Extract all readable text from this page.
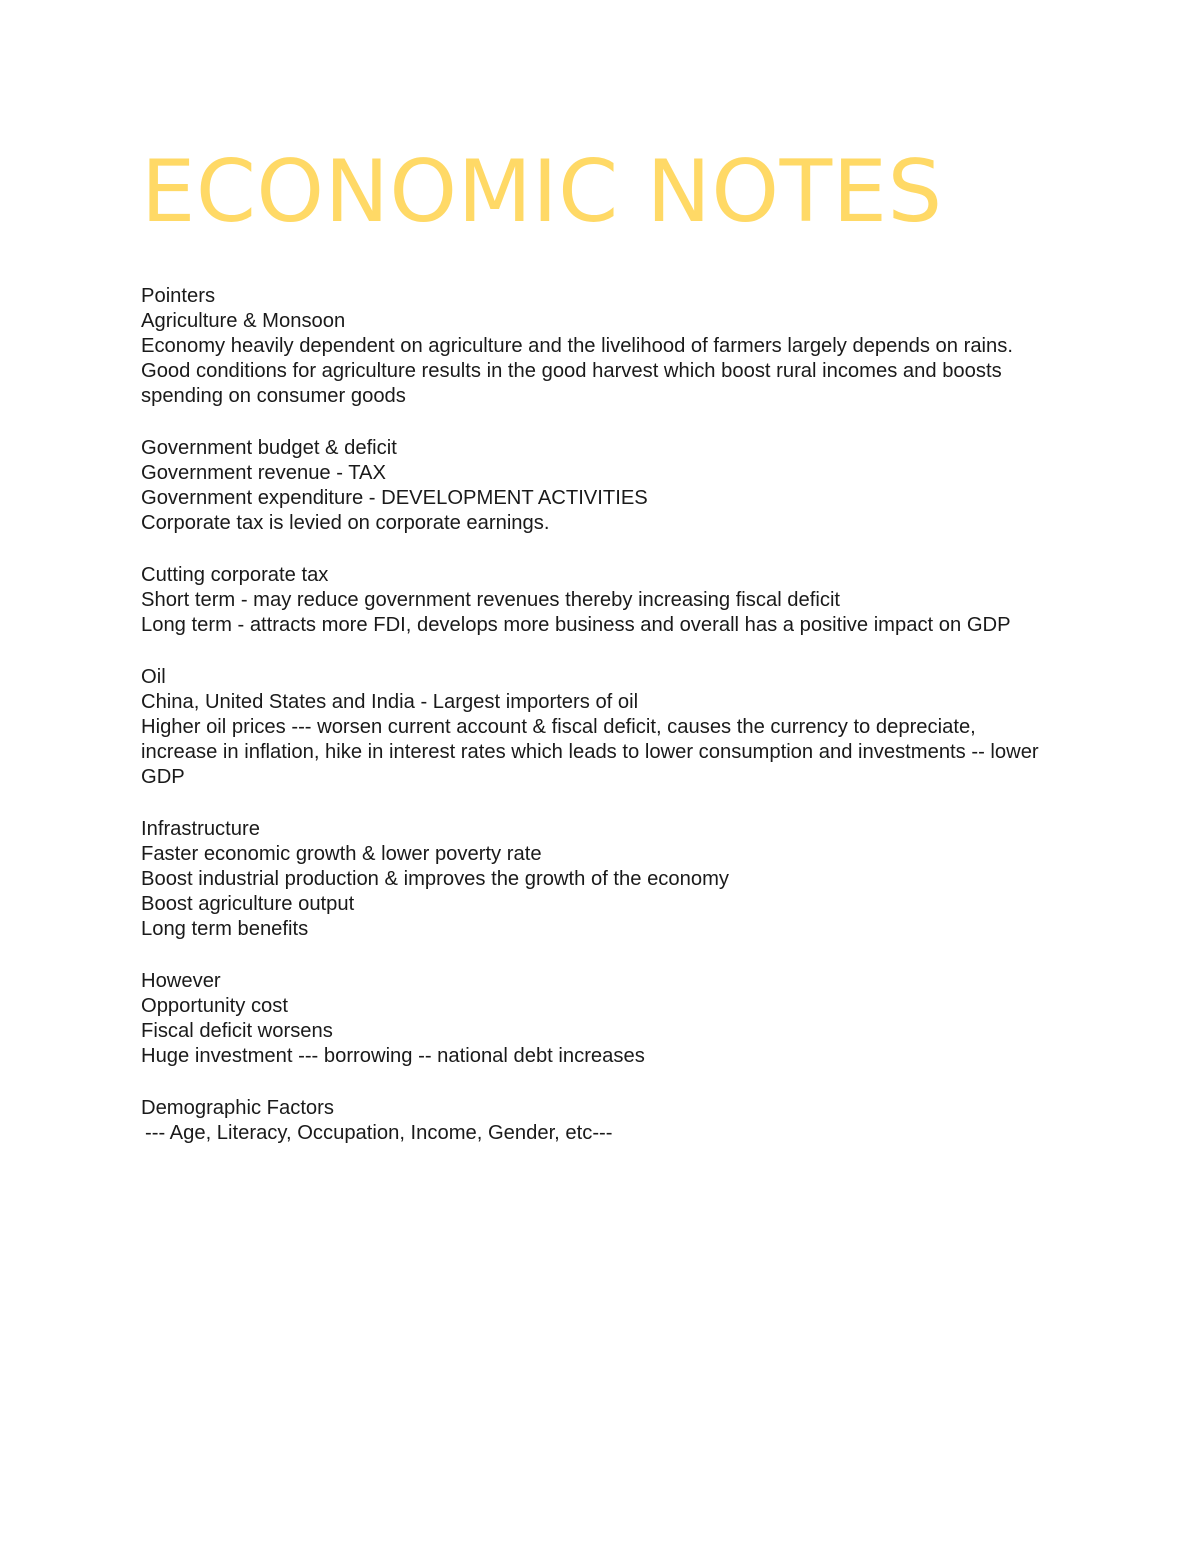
ECONOMIC NOTES
Pointers
Agriculture & Monsoon
Economy heavily dependent on agriculture and the livelihood of farmers largely depends on rains.
Good conditions for agriculture results in the good harvest which boost rural incomes and boosts spending on consumer goods
Government budget & deficit
Government revenue - TAX
Government expenditure - DEVELOPMENT ACTIVITIES
Corporate tax is levied on corporate earnings.
Cutting corporate tax
Short term - may reduce government revenues thereby increasing fiscal deficit
Long term - attracts more FDI, develops more business and overall has a positive impact on GDP
Oil
China, United States and India - Largest importers of oil
Higher oil prices --- worsen current account & fiscal deficit, causes the currency to depreciate, increase in inflation, hike in interest rates which leads to lower consumption and investments -- lower GDP
Infrastructure
Faster economic growth & lower poverty rate
Boost industrial production & improves the growth of the economy
Boost agriculture output
Long term benefits
However
Opportunity cost
Fiscal deficit worsens
Huge investment --- borrowing -- national debt increases
Demographic Factors
--- Age, Literacy, Occupation, Income, Gender, etc---
